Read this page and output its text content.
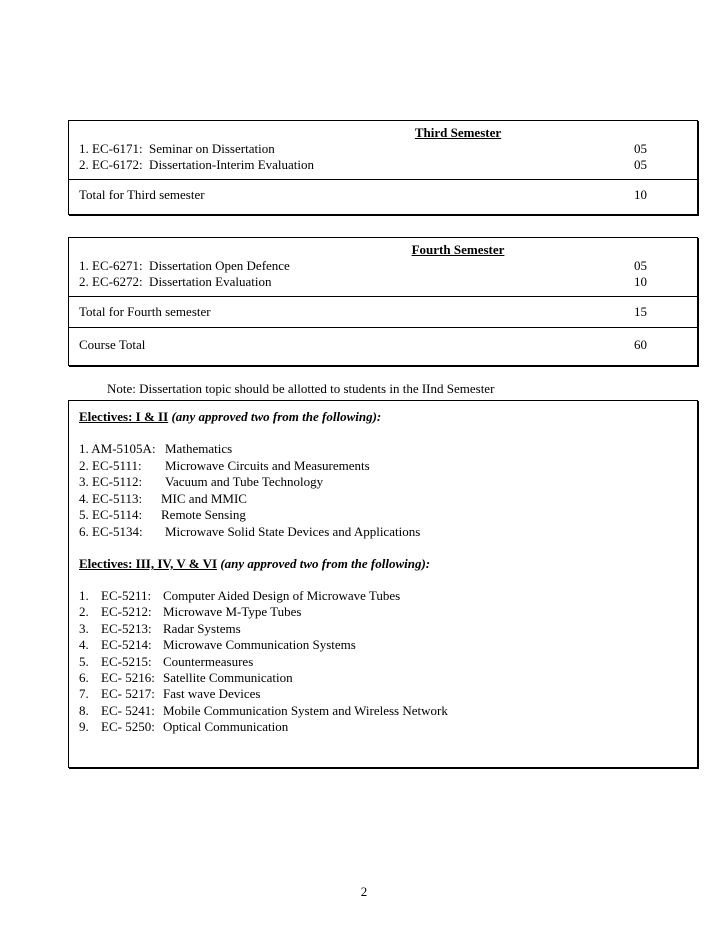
Third Semester
1. EC-6171:  Seminar on Dissertation	05
2. EC-6172:  Dissertation-Interim Evaluation	05
Total for Third semester	10
Fourth Semester
1. EC-6271:  Dissertation Open Defence	05
2. EC-6272:  Dissertation Evaluation	10
Total for Fourth semester	15
Course Total	60
Note: Dissertation topic should be allotted to students in the IInd Semester
Electives: I & II (any approved two from the following):
1. AM-5105A: Mathematics
2. EC-5111: Microwave Circuits and Measurements
3. EC-5112: Vacuum and Tube Technology
4. EC-5113: MIC and MMIC
5. EC-5114: Remote Sensing
6. EC-5134: Microwave Solid State Devices and Applications
Electives: III, IV, V & VI (any approved two from the following):
1. EC-5211: Computer Aided Design of Microwave Tubes
2. EC-5212: Microwave M-Type Tubes
3. EC-5213: Radar Systems
4. EC-5214: Microwave Communication Systems
5. EC-5215: Countermeasures
6. EC- 5216: Satellite Communication
7. EC- 5217: Fast wave Devices
8. EC- 5241: Mobile Communication System and Wireless Network
9. EC- 5250: Optical Communication
2
